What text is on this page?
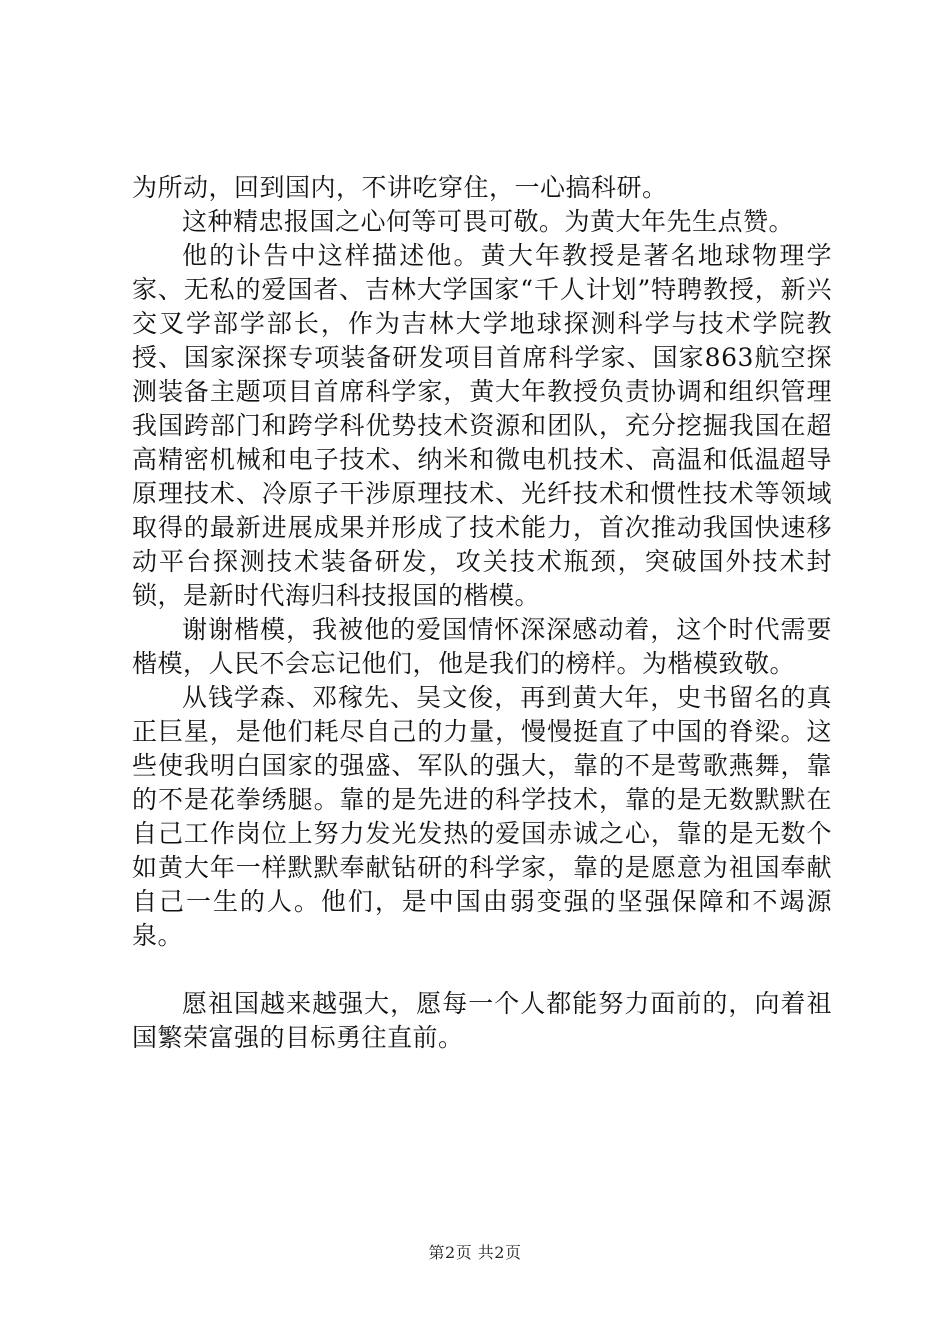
为所动，回到国内，不讲吃穿住，一心搞科研。

这种精忠报国之心何等可畏可敬。为黄大年先生点赞。

他的讣告中这样描述他。黄大年教授是著名地球物理学家、无私的爱国者、吉林大学国家“千人计划”特聘教授，新兴交叉学部学部长，作为吉林大学地球探测科学与技术学院教授、国家深探专项装备研发项目首席科学家、国家863航空探测装备主题项目首席科学家，黄大年教授负责协调和组织管理我国跨部门和跨学科优势技术资源和团队，充分挖掘我国在超高精密机械和电子技术、纳米和微电机技术、高温和低温超导原理技术、冷原子干涉原理技术、光纤技术和惯性技术等领域取得的最新进展成果并形成了技术能力，首次推动我国快速移动平台探测技术装备研发，攻关技术瓶颈，突破国外技术封锁，是新时代海归科技报国的楷模。

谢谢楷模，我被他的爱国情怀深深感动着，这个时代需要楷模，人民不会忘记他们，他是我们的榜样。为楷模致敬。

从钱学森、邓稼先、吴文俊，再到黄大年，史书留名的真正巨星，是他们耗尽自己的力量，慢慢挺直了中国的脊梁。这些使我明白国家的强盛、军队的强大，靠的不是莺歌燕舞，靠的不是花拳绣腿。靠的是先进的科学技术，靠的是无数默默在自己工作岗位上努力发光发热的爱国赤诚之心，靠的是无数个如黄大年一样默默奉献钻研的科学家，靠的是愿意为祖国奉献自己一生的人。他们，是中国由弱变强的坚强保障和不竭源泉。

愿祖国越来越强大，愿每一个人都能努力面前的，向着祖国繁荣富强的目标勇往直前。

第2页 共2页
